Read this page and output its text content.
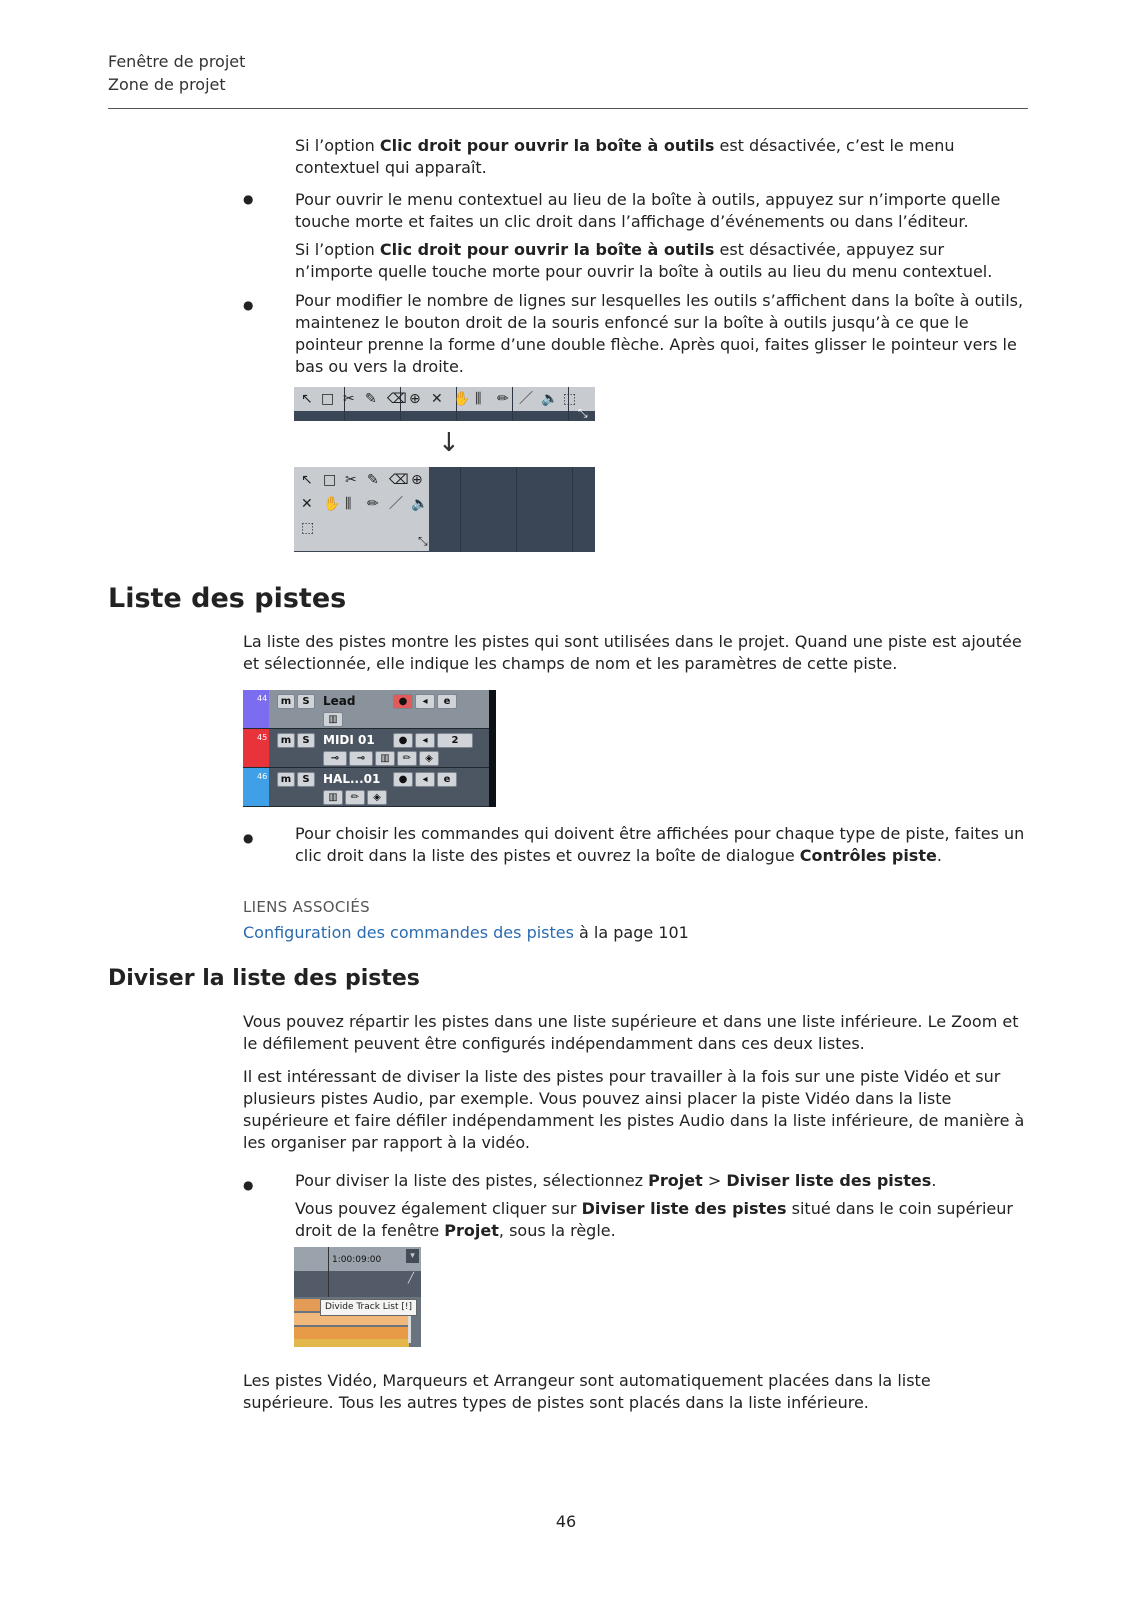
Fenêtre de projet
Zone de projet
Si l’option Clic droit pour ouvrir la boîte à outils est désactivée, c’est le menu contextuel qui apparaît.
●	Pour ouvrir le menu contextuel au lieu de la boîte à outils, appuyez sur n’importe quelle touche morte et faites un clic droit dans l’affichage d’événements ou dans l’éditeur.
Si l’option Clic droit pour ouvrir la boîte à outils est désactivée, appuyez sur n’importe quelle touche morte pour ouvrir la boîte à outils au lieu du menu contextuel.
●	Pour modifier le nombre de lignes sur lesquelles les outils s’affichent dans la boîte à outils, maintenez le bouton droit de la souris enfoncé sur la boîte à outils jusqu’à ce que le pointeur prenne la forme d’une double flèche. Après quoi, faites glisser le pointeur vers le bas ou vers la droite.
↖ □ ✂ ✎ ⌫ ⊕ ✕ ✋ ⫼ ✏ ／ 🔈 ⬚
⤡
↓
↖ □ ✂ ✎ ⌫ ⊕
✕ ✋ ⫼ ✏ ／ 🔈
⬚
⤡
Liste des pistes
La liste des pistes montre les pistes qui sont utilisées dans le projet. Quand une piste est ajoutée et sélectionnée, elle indique les champs de nom et les paramètres de cette piste.
44	m	S	Lead	●	◂	e
▥
45	m	S	MIDI 01	●	◂	2
⊸	⊸	▥	✏	◈
46	m	S	HAL...01	●	◂	e
▥	✏	◈
●	Pour choisir les commandes qui doivent être affichées pour chaque type de piste, faites un clic droit dans la liste des pistes et ouvrez la boîte de dialogue Contrôles piste.
LIENS ASSOCIÉS
Configuration des commandes des pistes à la page 101
Diviser la liste des pistes
Vous pouvez répartir les pistes dans une liste supérieure et dans une liste inférieure. Le Zoom et le défilement peuvent être configurés indépendamment dans ces deux listes.
Il est intéressant de diviser la liste des pistes pour travailler à la fois sur une piste Vidéo et sur plusieurs pistes Audio, par exemple. Vous pouvez ainsi placer la piste Vidéo dans la liste supérieure et faire défiler indépendamment les pistes Audio dans la liste inférieure, de manière à les organiser par rapport à la vidéo.
●	Pour diviser la liste des pistes, sélectionnez Projet > Diviser liste des pistes.
Vous pouvez également cliquer sur Diviser liste des pistes situé dans le coin supérieur droit de la fenêtre Projet, sous la règle.
1:00:09:00	▾
╱
Divide Track List [!]
Les pistes Vidéo, Marqueurs et Arrangeur sont automatiquement placées dans la liste supérieure. Tous les autres types de pistes sont placés dans la liste inférieure.
46
